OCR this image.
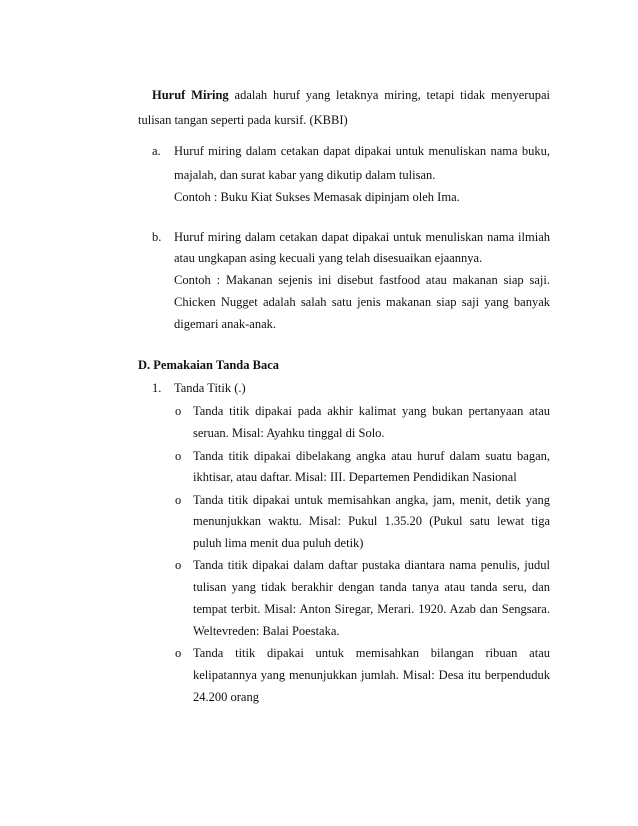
Huruf Miring adalah huruf yang letaknya miring, tetapi tidak menyerupai
tulisan tangan seperti pada kursif. (KBBI)
a. Huruf miring dalam cetakan dapat dipakai untuk menuliskan nama buku,
majalah, dan surat kabar yang dikutip dalam tulisan.
Contoh : Buku Kiat Sukses Memasak dipinjam oleh Ima.
b. Huruf miring dalam cetakan dapat dipakai untuk menuliskan nama ilmiah
atau ungkapan asing kecuali yang telah disesuaikan ejaannya.
Contoh : Makanan sejenis ini disebut fastfood atau makanan siap saji.
Chicken Nugget adalah salah satu jenis makanan siap saji yang banyak
digemari anak-anak.
D. Pemakaian Tanda Baca
1. Tanda Titik (.)
o Tanda titik dipakai pada akhir kalimat yang bukan pertanyaan atau
seruan. Misal: Ayahku tinggal di Solo.
o Tanda titik dipakai dibelakang angka atau huruf dalam suatu bagan,
ikhtisar, atau daftar. Misal: III. Departemen Pendidikan Nasional
o Tanda titik dipakai untuk memisahkan angka, jam, menit, detik yang
menunjukkan waktu. Misal: Pukul 1.35.20 (Pukul satu lewat tiga
puluh lima menit dua puluh detik)
o Tanda titik dipakai dalam daftar pustaka diantara nama penulis, judul
tulisan yang tidak berakhir dengan tanda tanya atau tanda seru, dan
tempat terbit. Misal: Anton Siregar, Merari. 1920. Azab dan Sengsara.
Weltevreden: Balai Poestaka.
o Tanda titik dipakai untuk memisahkan bilangan ribuan atau
kelipatannya yang menunjukkan jumlah. Misal: Desa itu berpenduduk
24.200 orang
